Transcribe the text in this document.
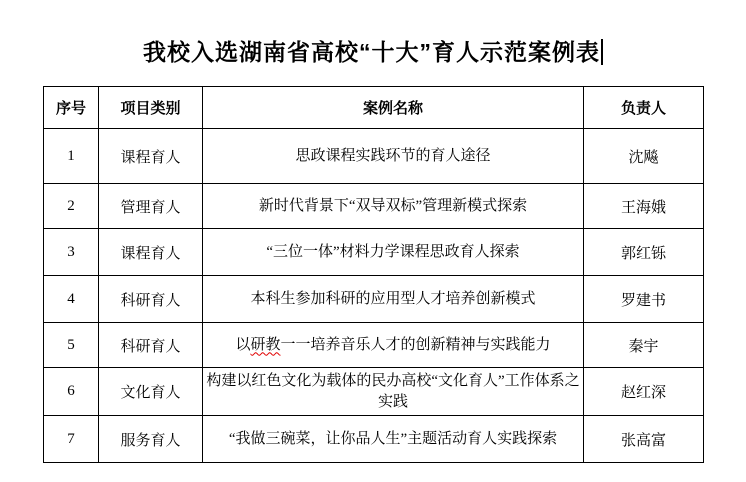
我校入选湖南省高校“十大”育人示范案例表
序号	项目类别	案例名称	负责人
1	课程育人	思政课程实践环节的育人途径	沈飚
2	管理育人	新时代背景下“双导双标”管理新模式探索	王海娥
3	课程育人	“三位一体”材料力学课程思政育人探索	郭红铄
4	科研育人	本科生参加科研的应用型人才培养创新模式	罗建书
5	科研育人	以研教一一培养音乐人才的创新精神与实践能力	秦宇
6	文化育人	构建以红色文化为载体的民办高校“文化育人”工作体系之实践	赵红深
7	服务育人	“我做三碗菜，让你品人生”主题活动育人实践探索	张高富
